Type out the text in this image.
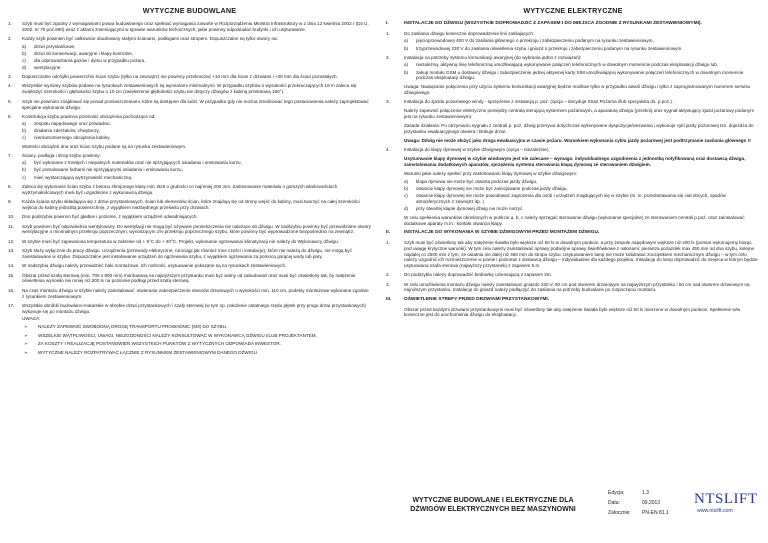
WYTYCZNE BUDOWLANE
1.	Szyb musi być zgodny z wymaganiami prawa budowlanego oraz spełniać wymagania zawarte w Rozporządzeniu Ministra Infrastruktury w z dnia 12 kwietnia 2002 r (Dz.U. 2002. nr 75 poz.690) wraz z aktami zmieniającymi w sprawie warunków technicznych, jakie powinny odpowiadać budynki i ich usytuowanie.
2.	Każdy szyb powinien być całkowicie obudowany stałymi ścianami, podłogami oraz stropem. Dopuszczalne są tylko otwory na:
a)	drzwi przystankowe,
b)	drzwi do konserwacji, awaryjne i klapy kontrolne,
c)	dla odprowadzania gazów i dymu w przypadku pożaru,
d)	wentylacyjne.
3.	Dopuszczalne odchyłki powierzchni ścian szybu (tylko na zewnątrz) nie powinny przekraczać +10 mm dla ścian z drzwiami i +20 mm dla ścian pozostałych.
4.	Wszystkie wymiary szybów podane na rysunkach zestawieniowych są wymiarami minimalnymi. W przypadku szybów o wysokości przekraczających 18 m zaleca się zwiększyć szerokości i głębokości szybu o 10 cm (zwiększenie głębokości szybu nie dotyczy dźwigów z kabiną przelotową 180°).
5.	Szyb nie powinien znajdować się ponad pomieszczeniami, które są dostępne dla ludzi. W przypadku gdy nie można zrealizować tego postanowienia należy zaprojektować specjalne wykonanie dźwigu.
6.	Konstrukcja szybu powinna przenosić obciążenia pochodzące od:
a)	zespołu napędowego oraz prowadnic,
b)	działania zderzaków, chwytaczy,
c)	nierównomiernego obciążenia kabiny.
Wartości obciążeń dna oraz ścian szybu podane są na rysunku zestawieniowym.
7.	Ściany, podłoga i strop szybu powinny:
a)	być wykonane z trwałych i niepalnych materiałów oraz nie sprzyjających osiadaniu i emitowaniu kurzu,
b)	być pomalowane farbami nie sprzyjającymi osiadaniu i emitowaniu kurzu,
c)	mieć wystarczającą wytrzymałość mechaniczną.
8.	Zaleca się wykonanie ścian szybu z betonu zbrojonego klasy min. B25 o grubości co najmniej 200 mm. Zastosowanie materiału o gorszych właściwościach wytrzymałościowych musi być uzgodnione z wykonawcą dźwigu.
9.	Każda ściana szybu składająca się z drzwi przystankowych, ścian lub elementów ścian, które znajdują się od strony wejść do kabiny, musi tworzyć na całej szerokości wejścia do kabiny jednolitą powierzchnię, z wyjątkiem niezbędnego prześwitu przy drzwiach.
10.	Dno podszybia powinno być gładkie i poziome, z wyjątkiem urządzeń odwadniających.
11.	Szyb powinien być odpowiednio wentylowany. Do wentylacji nie mogą być używane pomieszczenia nie należące do dźwigu. W nadszybiu powinny być przewidziane otwory wentylacyjne o minimalnym przekroju poprzecznym, wynoszącym 1% przekroju poprzecznego szybu, które powinny być wyprowadzone bezpośrednio na zewnątrz.
12.	W szybie musi być zapewniona temperatura w zakresie od + 5°C do + 40°C. Projekt, wykonanie ogrzewania/ klimatyzacji nie należy do Wykonawcy dźwigu.
13.	Szyb służy wyłącznie do pracy dźwigu. Urządzenia (przewody elektryczne, rurociągi jak również inne części i instalacje), które nie należą do dźwigu, nie mogą być zainstalowane w szybie. Dopuszczalne jest instalowanie urządzeń do ogrzewania szybu, z wyjątkiem ogrzewania za pomocą gorącej wody lub pary,
14.	W nadszybiu dźwigu należy przewidzieć haki montażowe. Ich nośność, usytuowanie pokazane są na rysunkach zestawieniowych.
15.	Obszar przed szafą sterową (min. 700 x 800 mm) montowaną na najwyższym przystanku musi być wolny od zabudowań oraz musi być oświetlony tak, by natężenie oświetlenia wynosiło nie mniej niż 200 lx na poziomie podłogi przed szafą sterową.
16.	Na czas montażu dźwigu w szybie należy zainstalować: otwieranie zabezpieczenie otworów drzwiowych o wysokości min. 110 cm, podesty montażowe wykonane zgodnie z rysunkiem zestawieniowym.
17.	Wszystkie obróbki budowlano-malarskie w obrębie drzwi przystankowych i szafy sterowej (w tym np. położenie ostatniego rzędu płytek przy progu drzwi przystankowych) wykonuje się po montażu dźwigu.
UWAGA:
➢	NALEŻY ZAPEWNIĆ SWOBODNĄ DROGĘ TRANSPORTU PROWADNIC (5M) DO SZYBU.
➢	WSZELKIE WĄTPLIWOŚCI, UWAGI, NIEZGODNOŚCI NALEŻY KONSULTOWAĆ W WYKONAWCĄ DŹWIGU I/LUB PROJEKTANTEM.
➢	ZA KOSZTY I REALIZACJĘ POSTANOWIEŃ WSZYSTKICH PUNKTÓW Z WYTYCZNYCH ODPOWIADA INWESTOR.
➢	WYTYCZNE NALEŻY ROZPATRYWAĆ ŁĄCZNIE Z RYSUNKIEM ZESTAWIENIOWYM DANEGO DŹWIGU.
WYTYCZNE ELEKTRYCZNE
I.	INSTALACJE DO DŹWIGU (WSZYSTKIE DOPROWADZIĆ Z ZAPASEM I DO MIEJSCA ZGODNIE Z RYSUNKAMI ZESTAWIENIOWYMI).
1.	Do zasilania dźwigu konieczne doprowadzenie linii zasilających:
a)	pięcioprzewodowej 400 V do zasilania głównego o przekroju i zabezpieczeniu podanym na rysunku zestawieniowym,
b)	trzyprzewodowej 230 V do zasilania oświetlenia szybu i gniazd o przekroju i zabezpieczeniu podanym na rysunku zestawieniowym.
2.	Instalacja na potrzeby systemu komunikacji awaryjnej (do wybrania jedno z rozwiązań):
a)	niezależną, aktywną linię telefoniczną umożliwiającą wykonywanie połączeń telefonicznych w dowolnym momencie podczas eksploatacji dźwigu lub,
b)	zakup modułu GSM u dostawcy dźwigu i zabezpieczenie jednej aktywnej karty SIM umożliwiającej wykonywanie połączeń telefonicznych w dowolnym momencie podczas eksploatacji dźwigu.
Uwaga: Nawiązanie połączenia przy użyciu systemu komunikacji awaryjnej będzie możliwe tylko w przypadku awarii dźwigu i tylko z zaprogramowanym numerem serwisu dźwigowego.
3.	Instalacja do zjazdu pożarowego windy - sprzężenie z instalacją p. poż. (opcja – decyduje Straż Pożarna i/lub specjalista ds. p.poż.) .
Należy zapewnić połączenie elektryczne pomiędzy centralą sterującą systemem pożarowym, a aparaturą dźwigu (przekrój oraz sygnał aktywujący zjazd pożarowy podanym jest na rysunku zestawieniowym).
Zasada działania: Po otrzymaniu sygnału z centrali p. poż. dźwig przerywa dotychczas wykonywane dyspozycje/wezwania i wykonuje cykl jazdy pożarowej tzn. dojeżdża do przystanku ewakuacyjnego otwiera i blokuje drzwi.
Uwaga: Dźwig nie może służyć jako droga ewakuacyjna w czasie pożaru. Warunkiem wykonania cyklu jazdy pożarowej jest podtrzymanie zasilania głównego !!
4.	Instalacja do klapy dymowej w szybie dźwigowym (opcja – niezależnie).
Usytuowanie klapy dymowej w szybie windowym jest nie zalecane – wymaga: indywidualnego uzgodnienia z jednostką notyfikowaną oraz dostawcą dźwigu, zainstalowania dodatkowych aparatów, sprzężenia systemu sterowania klapą dymową ze sterowaniem dźwigiem.
Warunki jakie należy spełnić przy zastosowaniu klapy dymowej w szybie dźwigowym:
a)	klapa dymowa nie może być otwarta podczas jazdy dźwigu,
b)	otwarcie klapy dymowej nie może być zainicjowane podczas jazdy dźwigu,
c)	otwarcie klapy dymowej nie może powodować zagrożenia dla osób i urządzeń znajdujących się w szybie (m. in. przedostawania się ciał obcych, opadów atmosferycznych z zewnątrz itp. )
d)	przy otwartej klapie dymowej dźwig nie może ruszyć.
W celu spełnienia warunków określonych w punkcie a, b, c należy sprzęgać sterowanie dźwigu (wykonanie specjalne) ze sterowaniem centrali p.poż. oraz zainstalować dodatkowe aparaty m.in.: kontakt otwarcia klapy.
II.	INSTALACJE DO WYKONANIA W SZYBIE DŹWIGOWYM PRZED MONTAŻEM DŹWIGU.
1.	Szyb musi być oświetlony tak aby natężenie światła było większe niż 50 lx w dowolnym punkcie, a przy zespole napędowym większe niż 200 lx (pomiar wykonujemy biorąc pod uwagę krytyczne warunki). W tym celu należy zainstalować oprawy podwójne oprawy świetlówkowe z osłonami: pierwsza pozazdek max 450 mm od dna szybu, kolejne najdalej co 2500 mm z tym, że ostatnia nie dalej niż 450 mm do stropu szybu. Usytuowaniem lamp nie może kolidować zocząstkiem mechanicznym dźwigu – w tym celu należy uzgodnić ich rozmieszczenie w pionie i poziomie z dostawcą dźwigu – indywidualnie dla każdego projektu. Instalację do lamp doprowadzić do miejsca w którym będzie usytuowana szafa sterowa (najwyższy przystanek) z zapasem 5 m.
2.	Do podszybia należy doprowadzić bednarkę uziemiającą z zapasem 3m.
3.	W celu umożliwienia montażu dźwigu należy zainstalować gniazdo 230 V, 50 cm pod otworem drzwiowym na najwyższym przystanku i 50 cm nad otworem drzwiowym na najniższym przystanku. Instalację do gniazd należy podłączyć do zasilania na potrzeby budowlane po rozpoczęciu montażu.
III.	OŚWIETLENIE STREFY PRZED DRZWIAMI PRZYSTANKOWYMI.
Obszar przed każdymi drzwiami przystankowymi musi być oświetlony tak aby natężenie światła było większe niż 50 lx mierzone w dowolnym punkcie. Spełnienie w/w konieczne jest do uruchomienia dźwigu do eksploatacji.
WYTYCZNE BUDOWLANE I ELEKTRYCZNE DLA
DŹWIGÓW ELEKTRYCZNYCH BEZ MASZYNOWNI
Edycja:	1.3
Data:	09.2013
Załocznie:	PN-EN 81.1
NTSLIFT
www.ntslift.com
